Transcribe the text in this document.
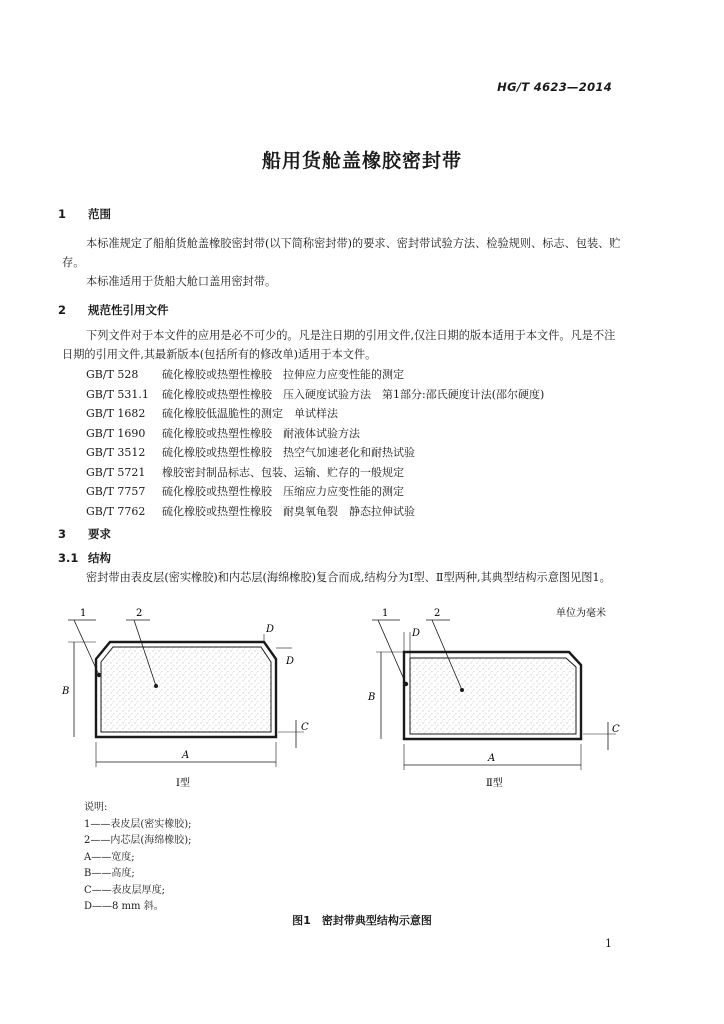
HG/T 4623—2014
船用货舱盖橡胶密封带
1 范围
本标准规定了船舶货舱盖橡胶密封带(以下简称密封带)的要求、密封带试验方法、检验规则、标志、包装、贮存。
本标准适用于货船大舱口盖用密封带。
2 规范性引用文件
下列文件对于本文件的应用是必不可少的。凡是注日期的引用文件,仅注日期的版本适用于本文件。凡是不注日期的引用文件,其最新版本(包括所有的修改单)适用于本文件。
GB/T 528 硫化橡胶或热塑性橡胶　拉伸应力应变性能的测定
GB/T 531.1 硫化橡胶或热塑性橡胶　压入硬度试验方法　第1部分:邵氏硬度计法(邵尔硬度)
GB/T 1682 硫化橡胶低温脆性的测定　单试样法
GB/T 1690 硫化橡胶或热塑性橡胶　耐液体试验方法
GB/T 3512 硫化橡胶或热塑性橡胶　热空气加速老化和耐热试验
GB/T 5721 橡胶密封制品标志、包装、运输、贮存的一般规定
GB/T 7757 硫化橡胶或热塑性橡胶　压缩应力应变性能的测定
GB/T 7762 硫化橡胶或热塑性橡胶　耐臭氧龟裂　静态拉伸试验
3 要求
3.1 结构
密封带由表皮层(密实橡胶)和内芯层(海绵橡胶)复合而成,结构分为Ⅰ型、Ⅱ型两种,其典型结构示意图见图1。
单位为毫米
1	2
B
A
C
D
D
Ⅰ型
1	2
D
B
A
C
Ⅱ型
说明:
1——表皮层(密实橡胶);
2——内芯层(海绵橡胶);
A——宽度;
B——高度;
C——表皮层厚度;
D——8 mm 斜。
图1　密封带典型结构示意图
1
